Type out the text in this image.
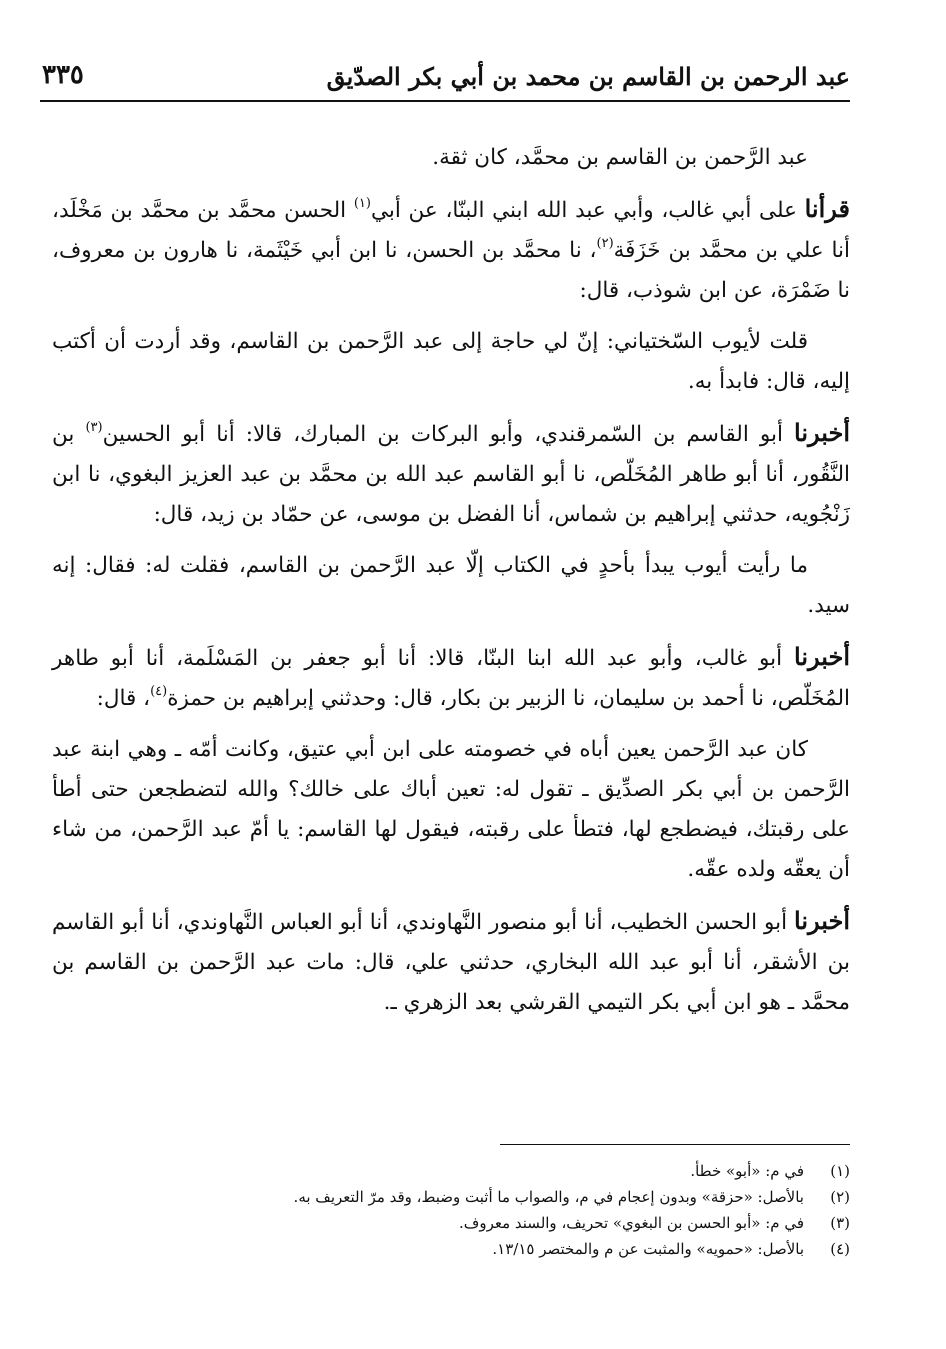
عبد الرحمن بن القاسم بن محمد بن أبي بكر الصدّيق
٣٣٥

عبد الرَّحمن بن القاسم بن محمَّد، كان ثقة.

قرأنا على أبي غالب، وأبي عبد الله ابني البنّا، عن أبي$^{(١)}$ الحسن محمَّد بن محمَّد بن مَخْلَد، أنا علي بن محمَّد بن خَزَفَة$^{(٢)}$، نا محمَّد بن الحسن، نا ابن أبي خَيْثَمة، نا هارون بن معروف، نا ضَمْرَة، عن ابن شوذب، قال:

قلت لأيوب السّختياني: إنّ لي حاجة إلى عبد الرَّحمن بن القاسم، وقد أردت أن أكتب إليه، قال: فابدأ به.

أخبرنا أبو القاسم بن السّمرقندي، وأبو البركات بن المبارك، قالا: أنا أبو الحسين$^{(٣)}$ بن النَّقُور، أنا أبو طاهر المُخَلّص، نا أبو القاسم عبد الله بن محمَّد بن عبد العزيز البغوي، نا ابن زَنْجُويه، حدثني إبراهيم بن شماس، أنا الفضل بن موسى، عن حمّاد بن زيد، قال:

ما رأيت أيوب يبدأ بأحدٍ في الكتاب إلّا عبد الرَّحمن بن القاسم، فقلت له: فقال: إنه سيد.

أخبرنا أبو غالب، وأبو عبد الله ابنا البنّا، قالا: أنا أبو جعفر بن المَسْلَمة، أنا أبو طاهر المُخَلّص، نا أحمد بن سليمان، نا الزبير بن بكار، قال: وحدثني إبراهيم بن حمزة$^{(٤)}$، قال:

كان عبد الرَّحمن يعين أباه في خصومته على ابن أبي عتيق، وكانت أمّه ـ وهي ابنة عبد الرَّحمن بن أبي بكر الصدِّيق ـ تقول له: تعين أباك على خالك؟ والله لتضطجعن حتى أطأ على رقبتك، فيضطجع لها، فتطأ على رقبته، فيقول لها القاسم: يا أمّ عبد الرَّحمن، من شاء أن يعقّه ولده عقّه.

أخبرنا أبو الحسن الخطيب، أنا أبو منصور النَّهاوندي، أنا أبو العباس النَّهاوندي، أنا أبو القاسم بن الأشقر، أنا أبو عبد الله البخاري، حدثني علي، قال: مات عبد الرَّحمن بن القاسم بن محمَّد ـ هو ابن أبي بكر التيمي القرشي بعد الزهري ـ.

(١)
في م: «أبو» خطأ.
(٢)
بالأصل: «حزقة» وبدون إعجام في م، والصواب ما أثبت وضبط، وقد مرّ التعريف به.
(٣)
في م: «أبو الحسن بن البغوي» تحريف، والسند معروف.
(٤)
بالأصل: «حمويه» والمثبت عن م والمختصر ١٣/١٥.
